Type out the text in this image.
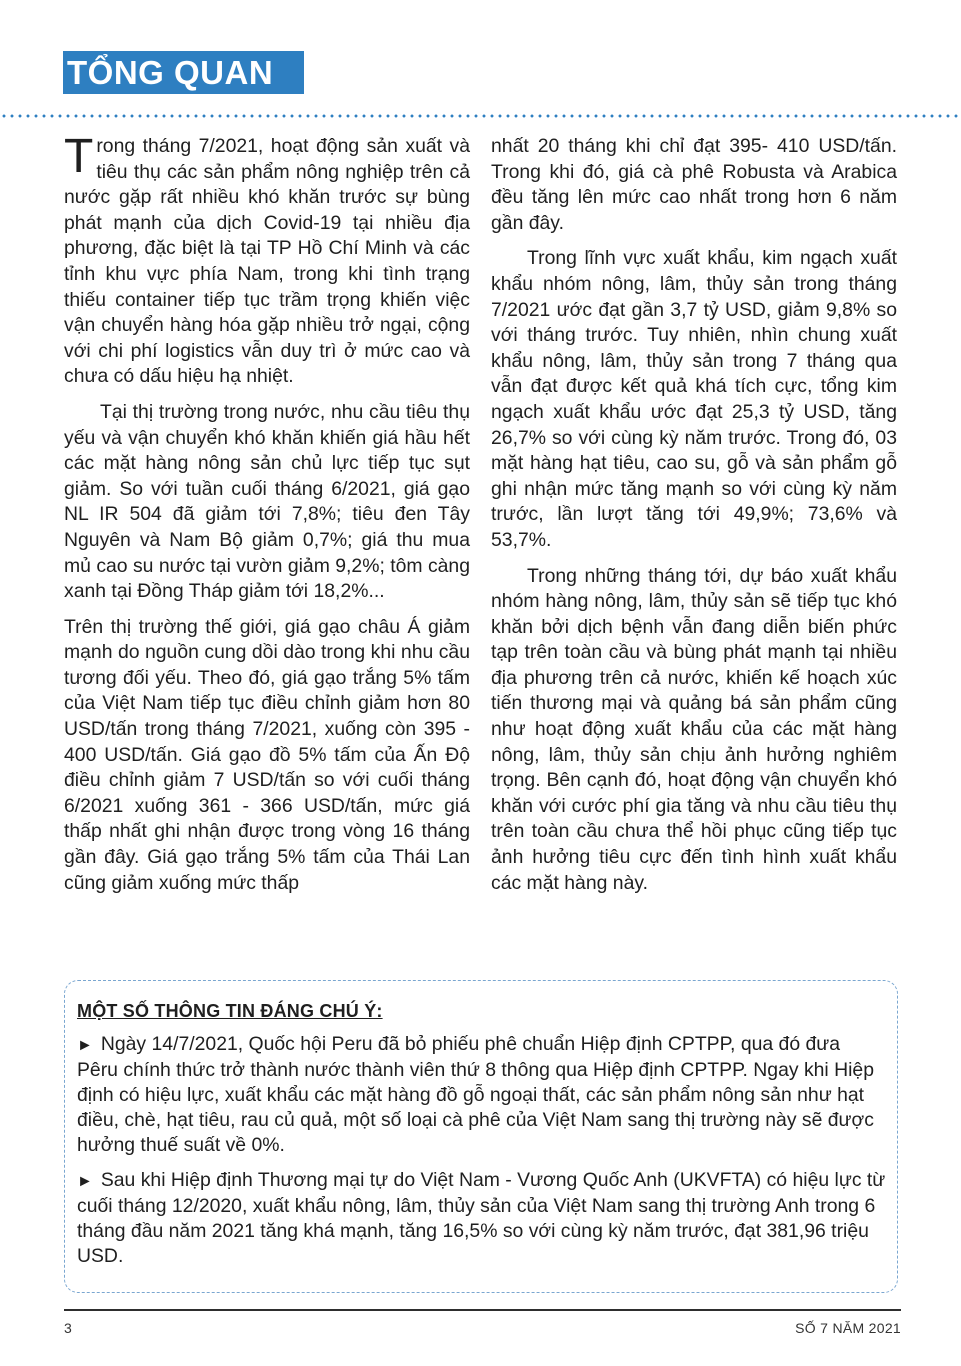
TỔNG QUAN

Trong tháng 7/2021, hoạt động sản xuất và tiêu thụ các sản phẩm nông nghiệp trên cả nước gặp rất nhiều khó khăn trước sự bùng phát mạnh của dịch Covid-19 tại nhiều địa phương, đặc biệt là tại TP Hồ Chí Minh và các tỉnh khu vực phía Nam, trong khi tình trạng thiếu container tiếp tục trầm trọng khiến việc vận chuyển hàng hóa gặp nhiều trở ngại, cộng với chi phí logistics vẫn duy trì ở mức cao và chưa có dấu hiệu hạ nhiệt.

Tại thị trường trong nước, nhu cầu tiêu thụ yếu và vận chuyển khó khăn khiến giá hầu hết các mặt hàng nông sản chủ lực tiếp tục sụt giảm. So với tuần cuối tháng 6/2021, giá gạo NL IR 504 đã giảm tới 7,8%; tiêu đen Tây Nguyên và Nam Bộ giảm 0,7%; giá thu mua mủ cao su nước tại vườn giảm 9,2%; tôm càng xanh tại Đồng Tháp giảm tới 18,2%...

Trên thị trường thế giới, giá gạo châu Á giảm mạnh do nguồn cung dồi dào trong khi nhu cầu tương đối yếu. Theo đó, giá gạo trắng 5% tấm của Việt Nam tiếp tục điều chỉnh giảm hơn 80 USD/tấn trong tháng 7/2021, xuống còn 395 - 400 USD/tấn. Giá gạo đồ 5% tấm của Ấn Độ điều chỉnh giảm 7 USD/tấn so với cuối tháng 6/2021 xuống 361 - 366 USD/tấn, mức giá thấp nhất ghi nhận được trong vòng 16 tháng gần đây. Giá gạo trắng 5% tấm của Thái Lan cũng giảm xuống mức thấp

nhất 20 tháng khi chỉ đạt 395- 410 USD/tấn. Trong khi đó, giá cà phê Robusta và Arabica đều tăng lên mức cao nhất trong hơn 6 năm gần đây.

Trong lĩnh vực xuất khẩu, kim ngạch xuất khẩu nhóm nông, lâm, thủy sản trong tháng 7/2021 ước đạt gần 3,7 tỷ USD, giảm 9,8% so với tháng trước. Tuy nhiên, nhìn chung xuất khẩu nông, lâm, thủy sản trong 7 tháng qua vẫn đạt được kết quả khá tích cực, tổng kim ngạch xuất khẩu ước đạt 25,3 tỷ USD, tăng 26,7% so với cùng kỳ năm trước. Trong đó, 03 mặt hàng hạt tiêu, cao su, gỗ và sản phẩm gỗ ghi nhận mức tăng mạnh so với cùng kỳ năm trước, lần lượt tăng tới 49,9%; 73,6% và 53,7%.

Trong những tháng tới, dự báo xuất khẩu nhóm hàng nông, lâm, thủy sản sẽ tiếp tục khó khăn bởi dịch bệnh vẫn đang diễn biến phức tạp trên toàn cầu và bùng phát mạnh tại nhiều địa phương trên cả nước, khiến kế hoạch xúc tiến thương mại và quảng bá sản phẩm cũng như hoạt động xuất khẩu của các mặt hàng nông, lâm, thủy sản chịu ảnh hưởng nghiêm trọng. Bên cạnh đó, hoạt động vận chuyển khó khăn với cước phí gia tăng và nhu cầu tiêu thụ trên toàn cầu chưa thể hồi phục cũng tiếp tục ảnh hưởng tiêu cực đến tình hình xuất khẩu các mặt hàng này.

MỘT SỐ THÔNG TIN ĐÁNG CHÚ Ý:

► Ngày 14/7/2021, Quốc hội Peru đã bỏ phiếu phê chuẩn Hiệp định CPTPP, qua đó đưa Pêru chính thức trở thành nước thành viên thứ 8 thông qua Hiệp định CPTPP. Ngay khi Hiệp định có hiệu lực, xuất khẩu các mặt hàng đồ gỗ ngoại thất, các sản phẩm nông sản như hạt điều, chè, hạt tiêu, rau củ quả, một số loại cà phê của Việt Nam sang thị trường này sẽ được hưởng thuế suất về 0%.

► Sau khi Hiệp định Thương mại tự do Việt Nam - Vương Quốc Anh (UKVFTA) có hiệu lực từ cuối tháng 12/2020, xuất khẩu nông, lâm, thủy sản của Việt Nam sang thị trường Anh trong 6 tháng đầu năm 2021 tăng khá mạnh, tăng 16,5% so với cùng kỳ năm trước, đạt 381,96 triệu USD.

3	SỐ 7 NĂM 2021
